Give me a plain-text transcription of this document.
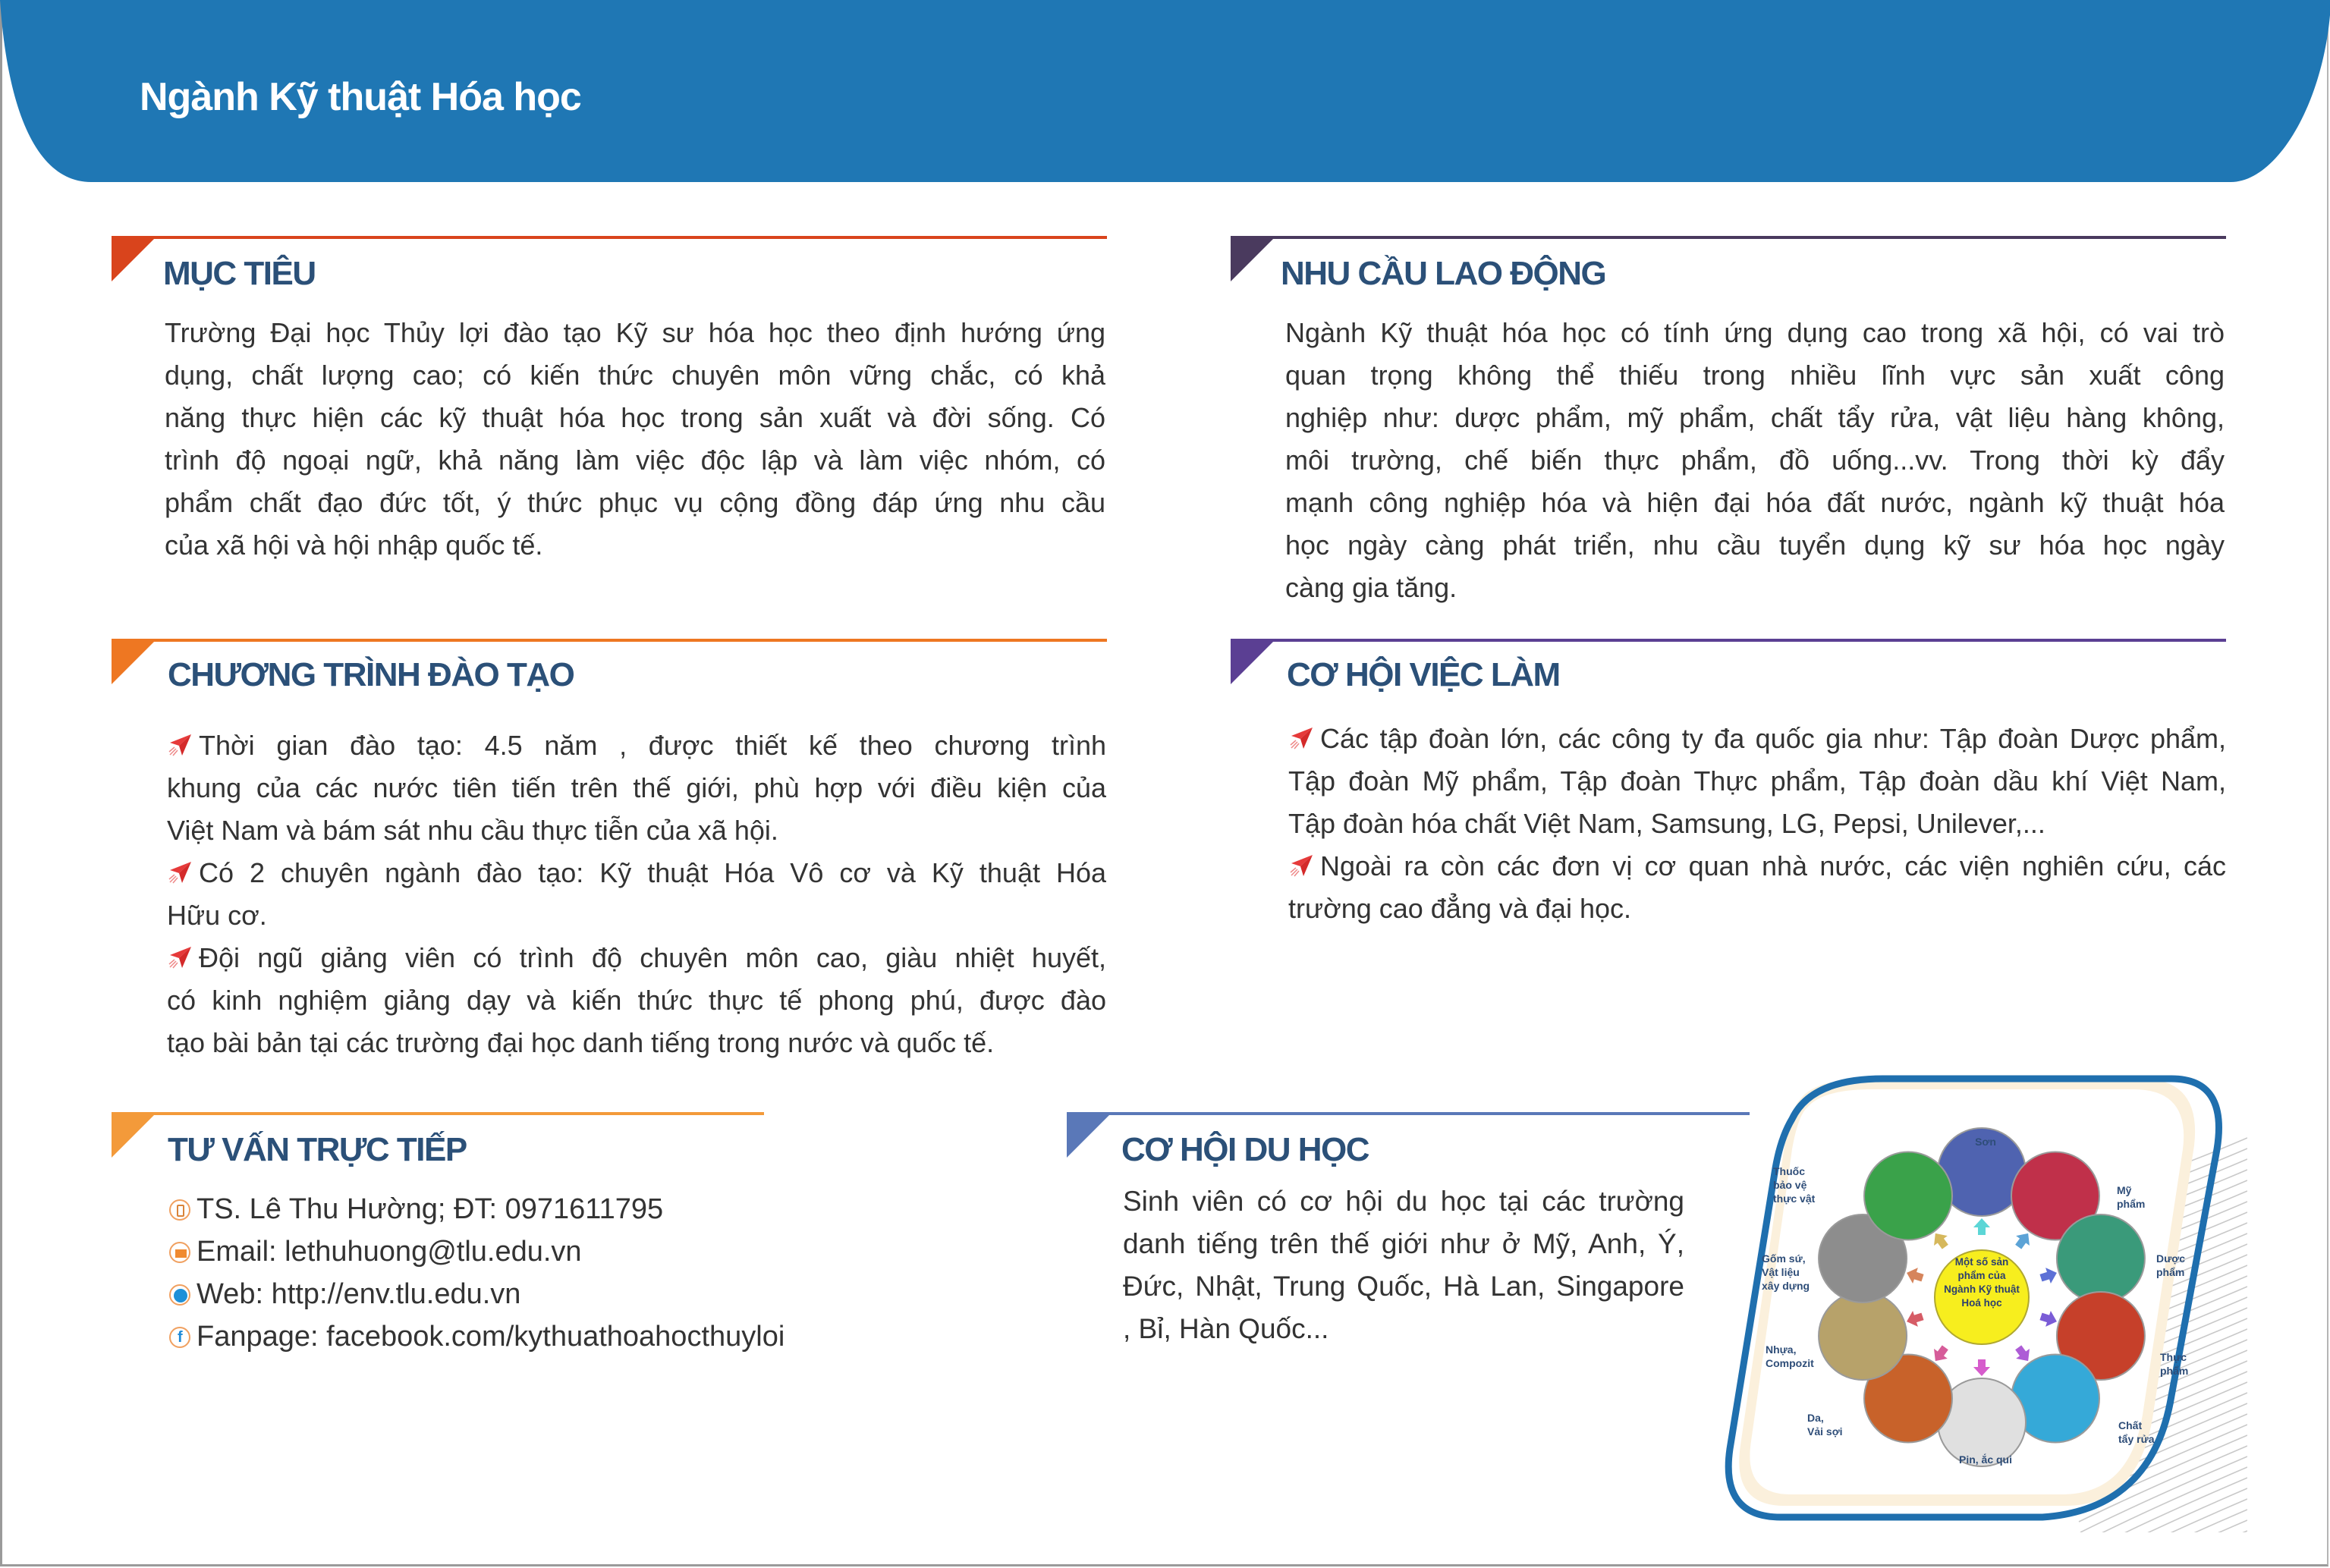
Ngành Kỹ thuật Hóa học
MỤC TIÊU
Trường Đại học Thủy lợi đào tạo Kỹ sư hóa học theo định hướng ứng
dụng, chất lượng cao; có kiến thức chuyên môn vững chắc, có khả
năng thực hiện các kỹ thuật hóa học trong sản xuất và đời sống. Có
trình độ ngoại ngữ, khả năng làm việc độc lập và làm việc nhóm, có
phẩm chất đạo đức tốt, ý thức phục vụ cộng đồng đáp ứng nhu cầu
của xã hội và hội nhập quốc tế.
NHU CẦU LAO ĐỘNG
Ngành Kỹ thuật hóa học có tính ứng dụng cao trong xã hội, có vai trò
quan trọng không thể thiếu trong nhiều lĩnh vực sản xuất công
nghiệp như: dược phẩm, mỹ phẩm, chất tẩy rửa, vật liệu hàng không,
môi trường, chế biến thực phẩm, đồ uống...vv. Trong thời kỳ đẩy
mạnh công nghiệp hóa và hiện đại hóa đất nước, ngành kỹ thuật hóa
học ngày càng phát triển, nhu cầu tuyển dụng kỹ sư hóa học ngày
càng gia tăng.
CHƯƠNG TRÌNH ĐÀO TẠO
Thời gian đào tạo: 4.5 năm , được thiết kế theo chương trình
khung của các nước tiên tiến trên thế giới, phù hợp với điều kiện của
Việt Nam và bám sát nhu cầu thực tiễn của xã hội.
Có 2 chuyên ngành đào tạo: Kỹ thuật Hóa Vô cơ và Kỹ thuật Hóa
Hữu cơ.
Đội ngũ giảng viên có trình độ chuyên môn cao, giàu nhiệt huyết,
có kinh nghiệm giảng dạy và kiến thức thực tế phong phú, được đào
tạo bài bản tại các trường đại học danh tiếng trong nước và quốc tế.
CƠ HỘI VIỆC LÀM
Các tập đoàn lớn, các công ty đa quốc gia như: Tập đoàn Dược phẩm,
Tập đoàn Mỹ phẩm, Tập đoàn Thực phẩm, Tập đoàn dầu khí Việt Nam,
Tập đoàn hóa chất Việt Nam, Samsung, LG, Pepsi, Unilever,...
Ngoài ra còn các đơn vị cơ quan nhà nước, các viện nghiên cứu, các
trường cao đẳng và đại học.
TƯ VẤN TRỰC TIẾP
TS. Lê Thu Hường; ĐT: 0971611795
Email: lethuhuong@tlu.edu.vn
Web: http://env.tlu.edu.vn
f Fanpage: facebook.com/kythuathoahocthuyloi
CƠ HỘI DU HỌC
Sinh viên có cơ hội du học tại các trường
danh tiếng trên thế giới như ở Mỹ, Anh, Ý,
Đức, Nhật, Trung Quốc, Hà Lan, Singapore
, Bỉ, Hàn Quốc...
Một số sản phẩm của Ngành Kỹ thuật Hoá học
Sơn
Mỹ
phẩm
Dược
phẩm
Thực
phẩm
Chất
tẩy rửa
Pin, ắc qui
Da,
Vải sợi
Nhựa,
Compozit
Gốm sứ,
Vật liệu
xây dựng
Thuốc
bảo vệ
thực vật
